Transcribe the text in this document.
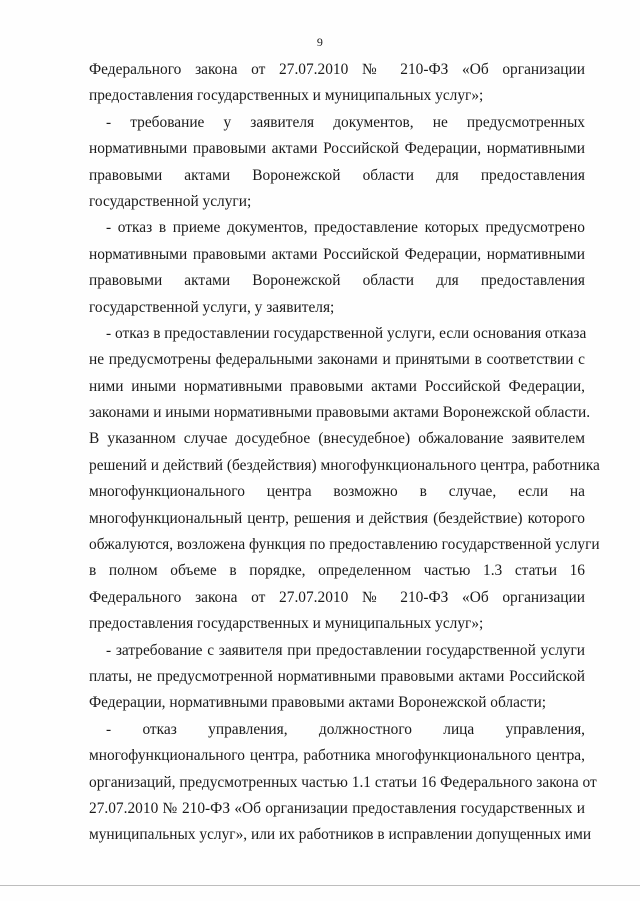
9
Федерального закона от 27.07.2010 № 210-ФЗ «Об организации
предоставления государственных и муниципальных услуг»;
- требование у заявителя документов, не предусмотренных
нормативными правовыми актами Российской Федерации, нормативными
правовыми актами Воронежской области для предоставления
государственной услуги;
- отказ в приеме документов, предоставление которых предусмотрено
нормативными правовыми актами Российской Федерации, нормативными
правовыми актами Воронежской области для предоставления
государственной услуги, у заявителя;
- отказ в предоставлении государственной услуги, если основания отказа
не предусмотрены федеральными законами и принятыми в соответствии с
ними иными нормативными правовыми актами Российской Федерации,
законами и иными нормативными правовыми актами Воронежской области.
В указанном случае досудебное (внесудебное) обжалование заявителем
решений и действий (бездействия) многофункционального центра, работника
многофункционального центра возможно в случае, если на
многофункциональный центр, решения и действия (бездействие) которого
обжалуются, возложена функция по предоставлению государственной услуги
в полном объеме в порядке, определенном частью 1.3 статьи 16
Федерального закона от 27.07.2010 № 210-ФЗ «Об организации
предоставления государственных и муниципальных услуг»;
- затребование с заявителя при предоставлении государственной услуги
платы, не предусмотренной нормативными правовыми актами Российской
Федерации, нормативными правовыми актами Воронежской области;
- отказ управления, должностного лица управления,
многофункционального центра, работника многофункционального центра,
организаций, предусмотренных частью 1.1 статьи 16 Федерального закона от
27.07.2010 № 210-ФЗ «Об организации предоставления государственных и
муниципальных услуг», или их работников в исправлении допущенных ими
